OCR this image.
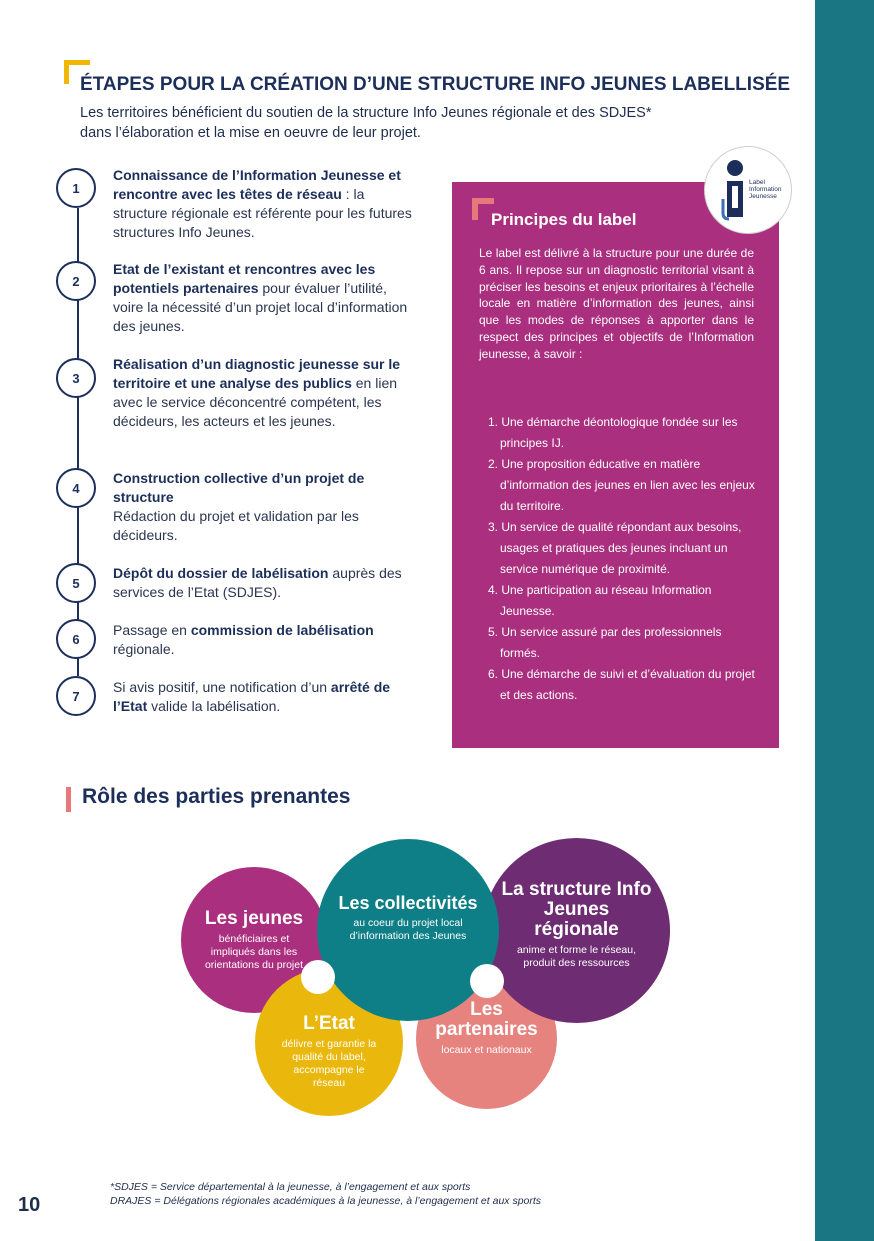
ÉTAPES POUR LA CRÉATION D’UNE STRUCTURE INFO JEUNES LABELLISÉE

Les territoires bénéficient du soutien de la structure Info Jeunes régionale et des SDJES*
dans l’élaboration et la mise en oeuvre de leur projet.

1

Connaissance de l’Information Jeunesse et rencontre avec les têtes de réseau : la structure régionale est référente pour les futures structures Info Jeunes.

2

Etat de l’existant et rencontres avec les potentiels partenaires pour évaluer l’utilité, voire la nécessité d’un projet local d’information des jeunes.

3

Réalisation d’un diagnostic jeunesse sur le territoire et une analyse des publics en lien avec le service déconcentré compétent, les décideurs, les acteurs et les jeunes.

4

Construction collective d’un projet de structure
Rédaction du projet et validation par les décideurs.

5

Dépôt du dossier de labélisation auprès des services de l’Etat (SDJES).

6

Passage en commission de labélisation régionale.

7

Si avis positif, une notification d’un arrêté de l’Etat valide la labélisation.

Principes du label

Le label est délivré à la structure pour une durée de 6 ans. Il repose sur un diagnostic territorial visant à préciser les besoins et enjeux prioritaires à l’échelle locale en matière d’information des jeunes, ainsi que les modes de réponses à apporter dans le respect des principes et objectifs de l’Information jeunesse, à savoir :

1. Une démarche déontologique fondée sur les principes IJ.
2. Une proposition éducative en matière d’information des jeunes en lien avec les enjeux du territoire.
3. Un service de qualité répondant aux besoins, usages et pratiques des jeunes incluant un service numérique de proximité.
4. Une participation au réseau Information Jeunesse.
5. Un service assuré par des professionnels formés.
6. Une démarche de suivi et d’évaluation du projet et des actions.
Label
Information
Jeunesse
Rôle des parties prenantes
Les jeunes
bénéficiaires et impliqués dans les orientations du projet
L’Etat
délivre et garantie la qualité du label, accompagne le réseau
Les partenaires
locaux et nationaux
La structure Info Jeunes régionale
anime et forme le réseau, produit des ressources
Les collectivités
au coeur du projet local d’information des Jeunes

*SDJES = Service départemental à la jeunesse, à l’engagement et aux sports
DRAJES = Délégations régionales académiques à la jeunesse, à l’engagement et aux sports

10
